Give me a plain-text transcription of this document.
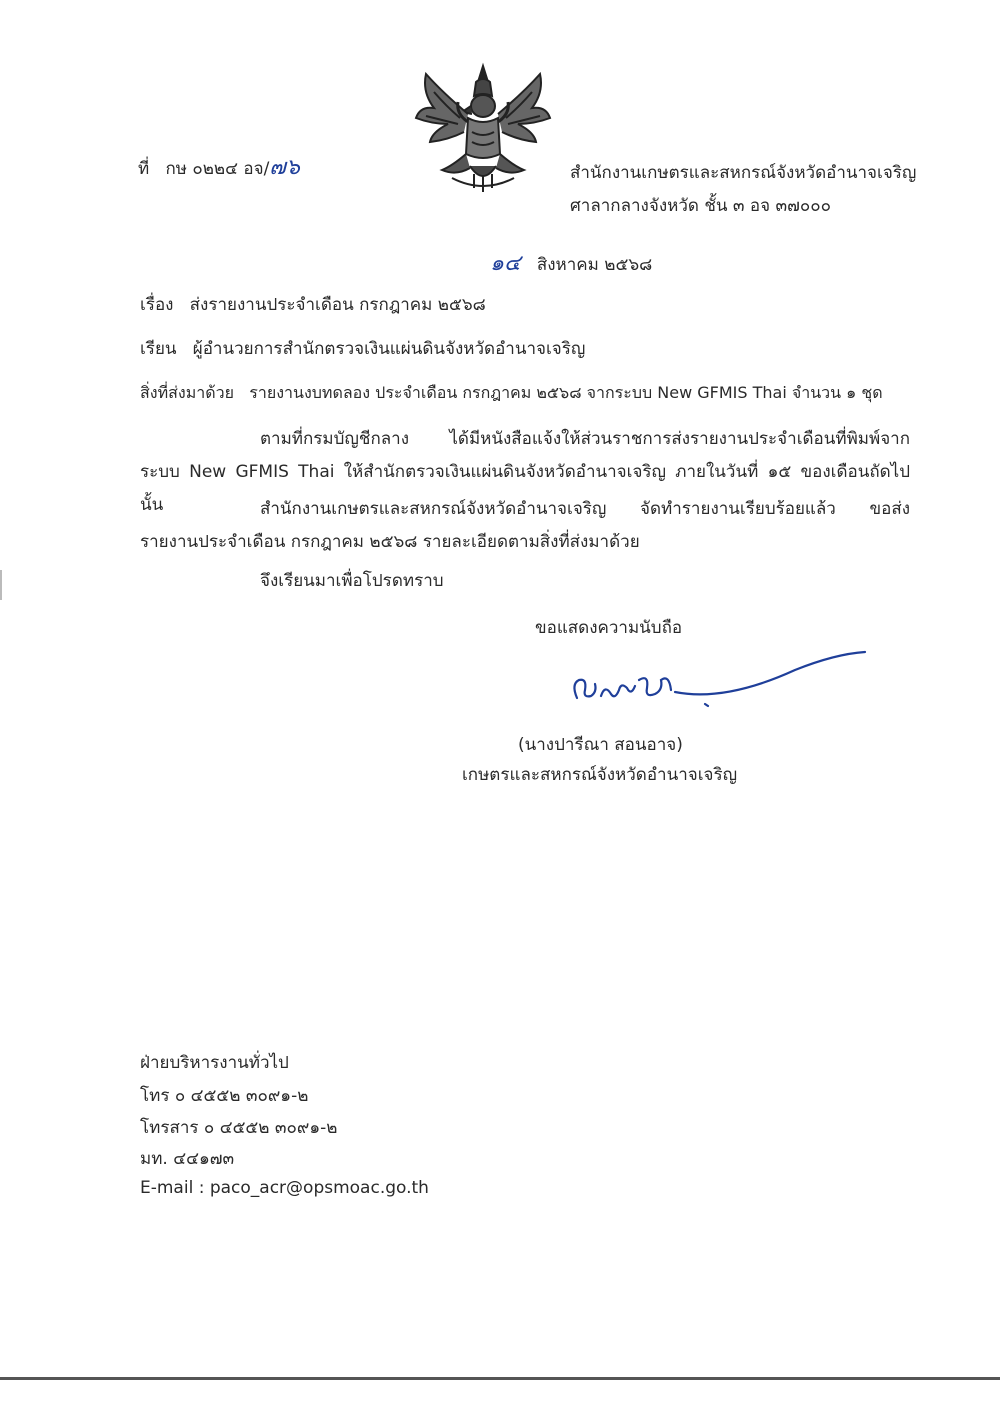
ที่ กษ ๐๒๒๔ อจ/๗๖	สำนักงานเกษตรและสหกรณ์จังหวัดอำนาจเจริญ
ศาลากลางจังหวัด ชั้น ๓ อจ ๓๗๐๐๐
๑๔ สิงหาคม ๒๕๖๘
เรื่อง ส่งรายงานประจำเดือน กรกฎาคม ๒๕๖๘
เรียน ผู้อำนวยการสำนักตรวจเงินแผ่นดินจังหวัดอำนาจเจริญ
สิ่งที่ส่งมาด้วย รายงานงบทดลอง ประจำเดือน กรกฎาคม ๒๕๖๘ จากระบบ New GFMIS Thai จำนวน ๑ ชุด
ตามที่กรมบัญชีกลาง ได้มีหนังสือแจ้งให้ส่วนราชการส่งรายงานประจำเดือนที่พิมพ์จากระบบ New GFMIS Thai ให้สำนักตรวจเงินแผ่นดินจังหวัดอำนาจเจริญ ภายในวันที่ ๑๕ ของเดือนถัดไป นั้น	สำนักงานเกษตรและสหกรณ์จังหวัดอำนาจเจริญ จัดทำรายงานเรียบร้อยแล้ว ขอส่งรายงานประจำเดือน กรกฎาคม ๒๕๖๘ รายละเอียดตามสิ่งที่ส่งมาด้วย
จึงเรียนมาเพื่อโปรดทราบ
ขอแสดงความนับถือ
(นางปารีณา สอนอาจ)
เกษตรและสหกรณ์จังหวัดอำนาจเจริญ
ฝ่ายบริหารงานทั่วไป
โทร ๐ ๔๕๕๒ ๓๐๙๑-๒
โทรสาร ๐ ๔๕๕๒ ๓๐๙๑-๒
มท. ๔๔๑๗๓
E-mail : paco_acr@opsmoac.go.th
